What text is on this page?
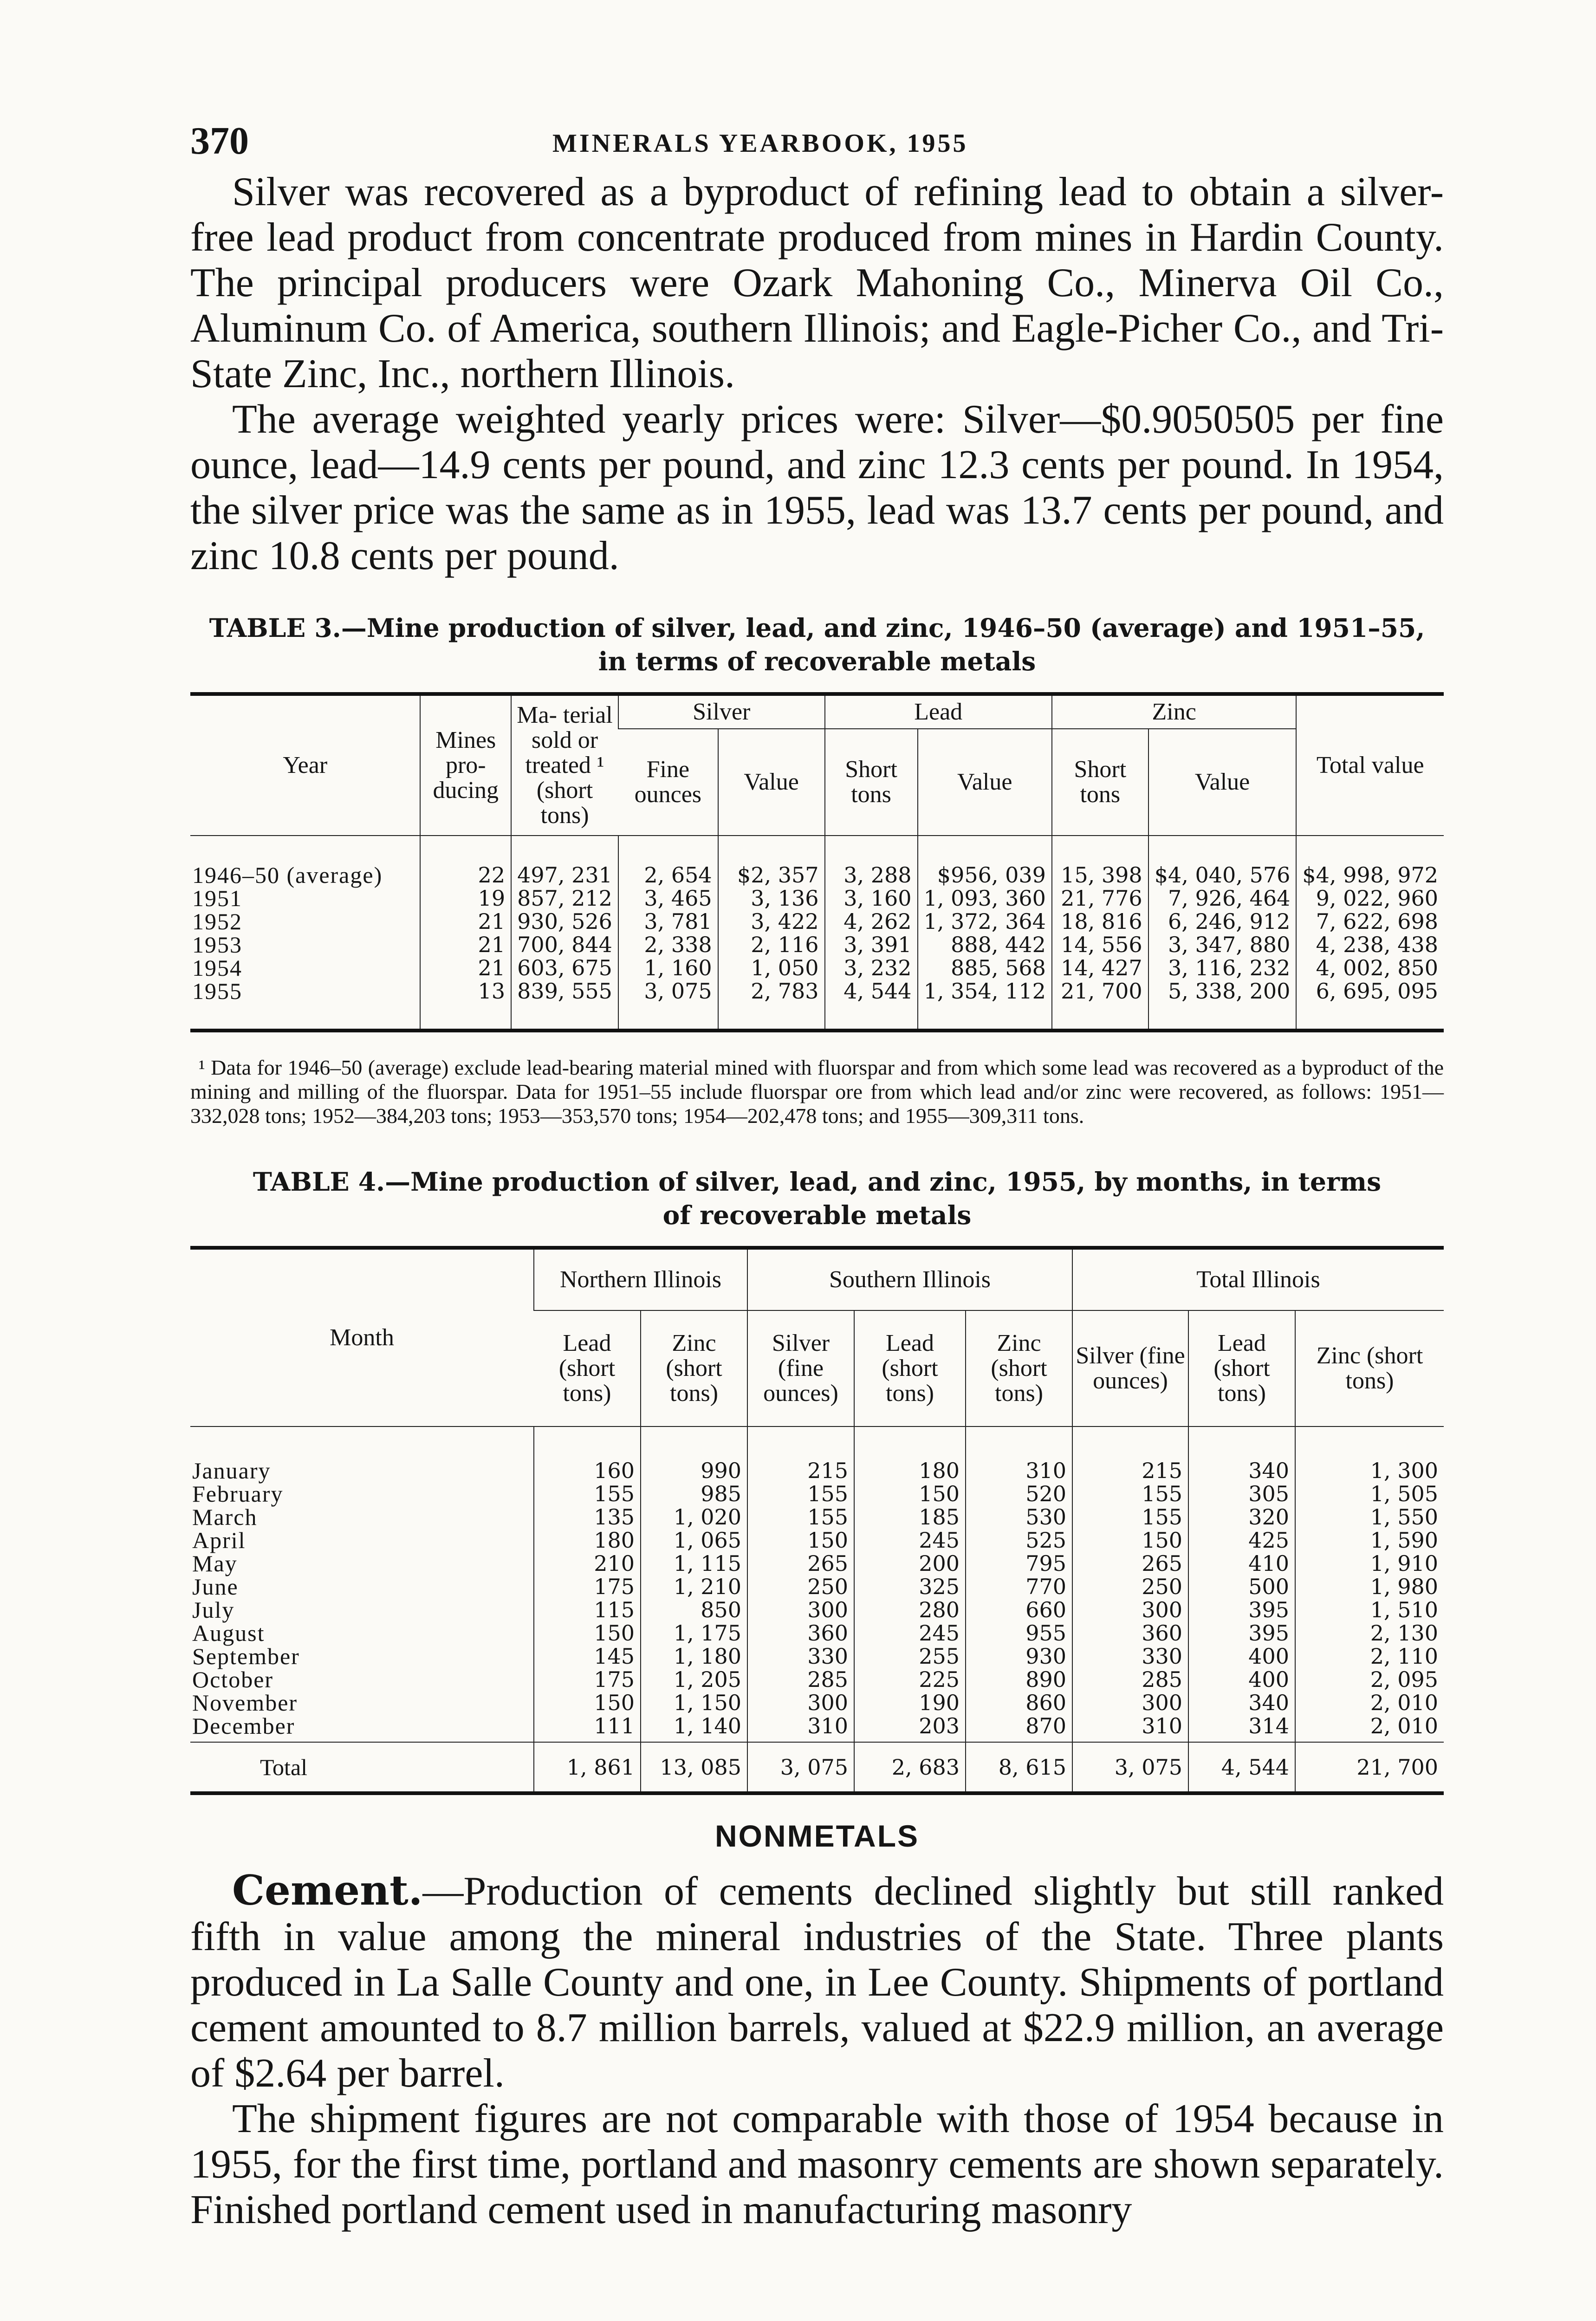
370	MINERALS YEARBOOK, 1955

Silver was recovered as a byproduct of refining lead to obtain a silver-free lead product from concentrate produced from mines in Hardin County. The principal producers were Ozark Mahoning Co., Minerva Oil Co., Aluminum Co. of America, southern Illinois; and Eagle-Picher Co., and Tri-State Zinc, Inc., northern Illinois.

The average weighted yearly prices were: Silver—$0.9050505 per fine ounce, lead—14.9 cents per pound, and zinc 12.3 cents per pound. In 1954, the silver price was the same as in 1955, lead was 13.7 cents per pound, and zinc 10.8 cents per pound.

TABLE 3.—Mine production of silver, lead, and zinc, 1946–50 (average) and 1951–55,

in terms of recoverable metals

Year	Mines pro- ducing	Ma- terial sold or treated ¹ (short tons)	Silver		Lead		Zinc		Total value
			Fine ounces	Value	Short tons	Value	Short tons	Value	
1946–50 (average)	22	497, 231	2, 654	$2, 357	3, 288	$956, 039	15, 398	$4, 040, 576	$4, 998, 972
1951	19	857, 212	3, 465	3, 136	3, 160	1, 093, 360	21, 776	7, 926, 464	9, 022, 960
1952	21	930, 526	3, 781	3, 422	4, 262	1, 372, 364	18, 816	6, 246, 912	7, 622, 698
1953	21	700, 844	2, 338	2, 116	3, 391	888, 442	14, 556	3, 347, 880	4, 238, 438
1954	21	603, 675	1, 160	1, 050	3, 232	885, 568	14, 427	3, 116, 232	4, 002, 850
1955	13	839, 555	3, 075	2, 783	4, 544	1, 354, 112	21, 700	5, 338, 200	6, 695, 095

¹ Data for 1946–50 (average) exclude lead-bearing material mined with fluorspar and from which some lead was recovered as a byproduct of the mining and milling of the fluorspar. Data for 1951–55 include fluorspar ore from which lead and/or zinc were recovered, as follows: 1951—332,028 tons; 1952—384,203 tons; 1953—353,570 tons; 1954—202,478 tons; and 1955—309,311 tons.

TABLE 4.—Mine production of silver, lead, and zinc, 1955, by months, in terms

of recoverable metals

Month	Northern Illinois		Southern Illinois			Total Illinois		
	Lead (short tons)	Zinc (short tons)	Silver (fine ounces)	Lead (short tons)	Zinc (short tons)	Silver (fine ounces)	Lead (short tons)	Zinc (short tons)
January	160	990	215	180	310	215	340	1, 300
February	155	985	155	150	520	155	305	1, 505
March	135	1, 020	155	185	530	155	320	1, 550
April	180	1, 065	150	245	525	150	425	1, 590
May	210	1, 115	265	200	795	265	410	1, 910
June	175	1, 210	250	325	770	250	500	1, 980
July	115	850	300	280	660	300	395	1, 510
August	150	1, 175	360	245	955	360	395	2, 130
September	145	1, 180	330	255	930	330	400	2, 110
October	175	1, 205	285	225	890	285	400	2, 095
November	150	1, 150	300	190	860	300	340	2, 010
December	111	1, 140	310	203	870	310	314	2, 010
Total	1, 861	13, 085	3, 075	2, 683	8, 615	3, 075	4, 544	21, 700
NONMETALS

Cement.—Production of cements declined slightly but still ranked fifth in value among the mineral industries of the State. Three plants produced in La Salle County and one, in Lee County. Shipments of portland cement amounted to 8.7 million barrels, valued at $22.9 million, an average of $2.64 per barrel.

The shipment figures are not comparable with those of 1954 because in 1955, for the first time, portland and masonry cements are shown separately. Finished portland cement used in manufacturing masonry
